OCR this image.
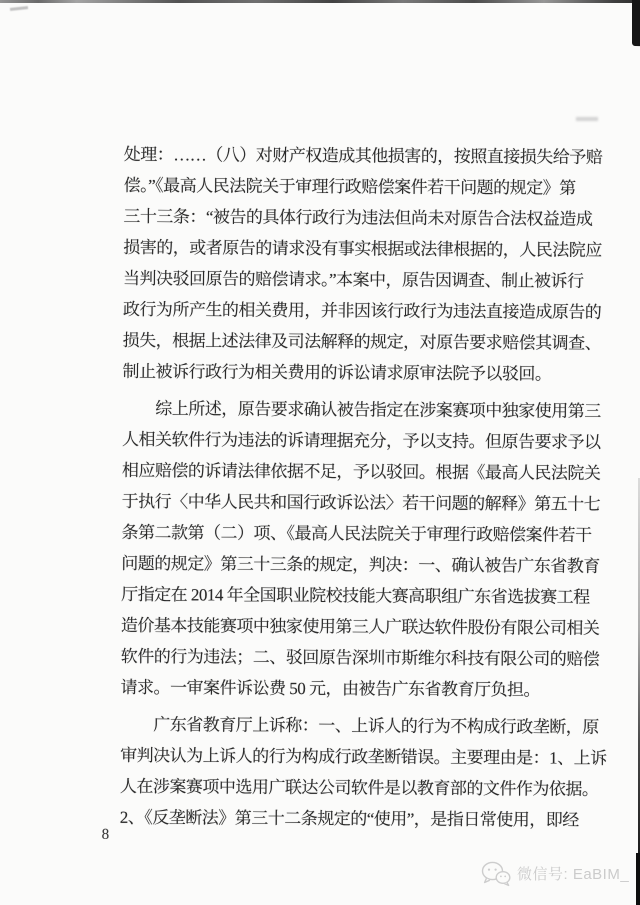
处理：……（八）对财产权造成其他损害的，按照直接损失给予赔
偿。”《最高人民法院关于审理行政赔偿案件若干问题的规定》第
三十三条：“被告的具体行政行为违法但尚未对原告合法权益造成
损害的，或者原告的请求没有事实根据或法律根据的，人民法院应
当判决驳回原告的赔偿请求。”本案中，原告因调查、制止被诉行
政行为所产生的相关费用，并非因该行政行为违法直接造成原告的
损失，根据上述法律及司法解释的规定，对原告要求赔偿其调查、
制止被诉行政行为相关费用的诉讼请求原审法院予以驳回。
综上所述，原告要求确认被告指定在涉案赛项中独家使用第三
人相关软件行为违法的诉请理据充分，予以支持。但原告要求予以
相应赔偿的诉请法律依据不足，予以驳回。根据《最高人民法院关
于执行〈中华人民共和国行政诉讼法〉若干问题的解释》第五十七
条第二款第（二）项、《最高人民法院关于审理行政赔偿案件若干
问题的规定》第三十三条的规定，判决：一、确认被告广东省教育
厅指定在 2014 年全国职业院校技能大赛高职组广东省选拔赛工程
造价基本技能赛项中独家使用第三人广联达软件股份有限公司相关
软件的行为违法；二、驳回原告深圳市斯维尔科技有限公司的赔偿
请求。一审案件诉讼费 50 元，由被告广东省教育厅负担。
广东省教育厅上诉称：一、上诉人的行为不构成行政垄断，原
审判决认为上诉人的行为构成行政垄断错误。主要理由是：1、上诉
人在涉案赛项中选用广联达公司软件是以教育部的文件作为依据。
2、《反垄断法》第三十二条规定的“使用”，是指日常使用，即经
8
微信号: EaBIM_
